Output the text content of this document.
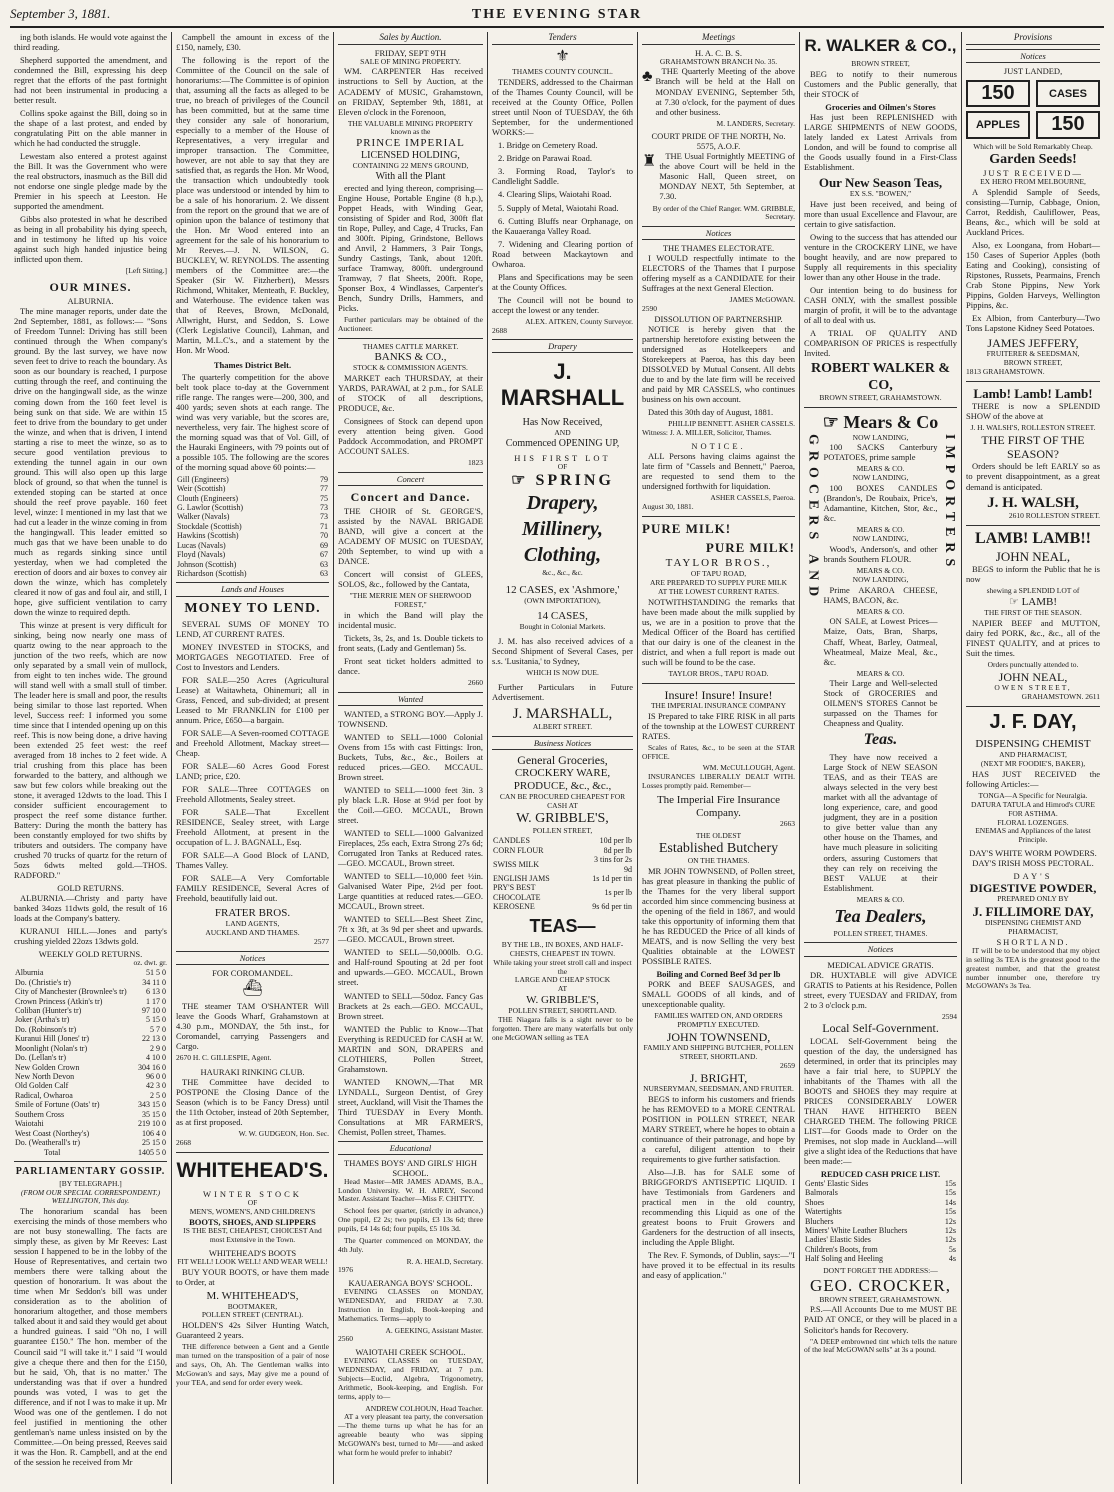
September 3, 1881.	THE EVENING STAR

ing both islands. He would vote against the third reading.

Shepherd supported the amendment, and condemned the Bill, expressing his deep regret that the efforts of the past fortnight had not been instrumental in producing a better result.

Collins spoke against the Bill, doing so in the shape of a last protest, and ended by congratulating Pitt on the able manner in which he had conducted the struggle.

Lewestam also entered a protest against the Bill. It was the Government who were the real obstructors, inasmuch as the Bill did not endorse one single pledge made by the Premier in his speech at Leeston. He supported the amendment.

Gibbs also protested in what he described as being in all probability his dying speech, and in testimony he lifted up his voice against such high handed injustice being inflicted upon them.

[Left Sitting.]
OUR MINES.
ALBURNIA.

The mine manager reports, under date the 2nd September, 1881, as follows:— "Sons of Freedom Tunnel: Driving has still been continued through the When company's ground. By the last survey, we have now seven feet to drive to reach the boundary. As soon as our boundary is reached, I purpose cutting through the reef, and continuing the drive on the hangingwall side, as the winze coming down from the 160 feet level is being sunk on that side. We are within 15 feet to drive from the boundary to get under the winze, and when that is driven, I intend starting a rise to meet the winze, so as to secure good ventilation previous to extending the tunnel again in our own ground. This will also open up this large block of ground, so that when the tunnel is extended stoping can be started at once should the reef prove payable. 160 feet level, winze: I mentioned in my last that we had cut a leader in the winze coming in from the hangingwall. This leader emitted so much gas that we have been unable to do much as regards sinking since until yesterday, when we had completed the erection of doors and air boxes to convey air down the winze, which has completely cleared it now of gas and foul air, and still, I hope, give sufficient ventilation to carry down the winze to required depth.

This winze at present is very difficult for sinking, being now nearly one mass of quartz owing to the near approach to the junction of the two reefs, which are now only separated by a small vein of mullock, from eight to ten inches wide. The ground will stand well with a small stull of timber. The leader here is small and poor, the results being similar to those last reported. When level, Success reef: I informed you some time since that I intended opening up on this reef. This is now being done, a drive having been extended 25 feet west: the reef averaged from 18 inches to 2 feet wide. A trial crushing from this place has been forwarded to the battery, and although we saw but few colors while breaking out the stone, it averaged 12dwts to the load. This I consider sufficient encouragement to prospect the reef some distance further. Battery: During the month the battery has been constantly employed for two shifts by tributers and outsiders. The company have crushed 70 trucks of quartz for the return of 5ozs 6dwts melted gold.—THOS. RADFORD."

GOLD RETURNS.

ALBURNIA.—Christy and party have banked 34ozs 11dwts gold, the result of 16 loads at the Company's battery.

KURANUI HILL.—Jones and party's crushing yielded 22ozs 13dwts gold.

WEEKLY GOLD RETURNS.
oz. dwt. gr.
Alburnia	51 5 0
Do. (Christie's tr)	34 11 0
City of Manchester (Brownlee's tr)	6 13 0
Crown Princess (Atkin's tr)	1 17 0
Coliban (Hunter's tr)	97 10 0
Joker (Artha's tr)	5 15 0
Do. (Robinson's tr)	5 7 0
Kuranui Hill (Jones' tr)	22 13 0
Moonlight (Nolan's tr)	2 9 0
Do. (Lellan's tr)	4 10 0
New Golden Crown	304 16 0
New North Devon	96 0 0
Old Golden Calf	42 3 0
Radical, Owharoa	2 5 0
Smile of Fortune (Oats' tr)	343 15 0
Southern Cross	35 15 0
Waiotahi	219 10 0
West Coast (Northey's)	106 4 0
Do. (Weatherall's tr)	25 15 0
Total	1405 5 0
PARLIAMENTARY GOSSIP.
[BY TELEGRAPH.]
(FROM OUR SPECIAL CORRESPONDENT.) WELLINGTON, This day.

The honorarium scandal has been exercising the minds of those members who are not busy stonewalling. The facts are simply these, as given by Mr Reeves: Last session I happened to be in the lobby of the House of Representatives, and certain two members there were talking about the question of honorarium. It was about the time when Mr Seddon's bill was under consideration as to the abolition of honorarium altogether, and those members talked about it and said they would get about a hundred guineas. I said "Oh no, I will guarantee £150." The hon. member of the Council said "I will take it." I said "I would give a cheque there and then for the £150, but he said, 'Oh, that is no matter.' The understanding was that if over a hundred pounds was voted, I was to get the difference, and if not I was to make it up. Mr Wood was one of the gentlemen. I do not feel justified in mentioning the other gentleman's name unless insisted on by the Committee.—On being pressed, Reeves said it was the Hon. R. Campbell, and at the end of the session he received from Mr

Campbell the amount in excess of the £150, namely, £30.

The following is the report of the Committee of the Council on the sale of honorariums:—The Committee is of opinion that, assuming all the facts as alleged to be true, no breach of privileges of the Council has been committed, but at the same time they consider any sale of honorarium, especially to a member of the House of Representatives, a very irregular and improper transaction. The Committee, however, are not able to say that they are satisfied that, as regards the Hon. Mr Wood, the transaction which undoubtedly took place was understood or intended by him to be a sale of his honorarium. 2. We dissent from the report on the ground that we are of opinion upon the balance of testimony that the Hon. Mr Wood entered into an agreement for the sale of his honorarium to Mr Reeves.—J. N. WILSON, G. BUCKLEY, W. REYNOLDS. The assenting members of the Committee are:—the Speaker (Sir W. Fitzherbert), Messrs Richmond, Whitaker, Menteath, F. Buckley, and Waterhouse. The evidence taken was that of Reeves, Brown, McDonald, Allwright, Hurst, and Seddon, S. Lowe (Clerk Legislative Council), Lahman, and Martin, M.L.C's., and a statement by the Hon. Mr Wood.

Thames District Belt.

The quarterly competition for the above belt took place to-day at the Government rifle range. The ranges were—200, 300, and 400 yards; seven shots at each range. The wind was very variable, but the scores are, nevertheless, very fair. The highest score of the morning squad was that of Vol. Gill, of the Hauraki Engineers, with 79 points out of a possible 105. The following are the scores of the morning squad above 60 points:—

Gill (Engineers)	79
Weir (Scottish)	77
Clouth (Engineers)	75
G. Lawlor (Scottish)	73
Walker (Navals)	73
Stockdale (Scottish)	71
Hawkins (Scottish)	70
Lucas (Navals)	69
Floyd (Navals)	67
Johnson (Scottish)	63
Richardson (Scottish)	63
Lands and Houses
MONEY TO LEND.

SEVERAL SUMS OF MONEY TO LEND, AT CURRENT RATES.

MONEY INVESTED in STOCKS, and MORTGAGES NEGOTIATED. Free of Cost to Investors and Lenders.

FOR SALE—250 Acres (Agricultural Lease) at Waitawheta, Ohinemuri; all in Grass, Fenced, and sub-divided; at present Leased to Mr FRANKLIN for £100 per annum. Price, £650—a bargain.

FOR SALE—A Seven-roomed COTTAGE and Freehold Allotment, Mackay street—Cheap.

FOR SALE—60 Acres Good Forest LAND; price, £20.

FOR SALE—Three COTTAGES on Freehold Allotments, Sealey street.

FOR SALE—That Excellent RESIDENCE, Sealey street, with Large Freehold Allotment, at present in the occupation of L. J. BAGNALL, Esq.

FOR SALE—A Good Block of LAND, Thames Valley.

FOR SALE—A Very Comfortable FAMILY RESIDENCE, Several Acres of Freehold, beautifully laid out.

FRATER BROS.
LAND AGENTS,
AUCKLAND AND THAMES.
2577
Notices
FOR COROMANDEL.
⛴

THE steamer TAM O'SHANTER Will leave the Goods Wharf, Grahamstown at 4.30 p.m., MONDAY, the 5th inst., for Coromandel, carrying Passengers and Cargo.

2670 H. C. GILLESPIE, Agent.
HAURAKI RINKING CLUB.

THE Committee have decided to POSTPONE the Closing Dance of the Season (which is to be Fancy Dress) until the 11th October, instead of 20th September, as at first proposed.

W. W. GUDGEON, Hon. Sec.
2668
WHITEHEAD'S.
WINTER STOCK
OF
MEN'S, WOMEN'S, AND CHILDREN'S
BOOTS, SHOES, AND SLIPPERS
IS THE BEST, CHEAPEST, CHOICEST And most Extensive in the Town.
WHITEHEAD'S BOOTS
FIT WELL! LOOK WELL! AND WEAR WELL!

BUY YOUR BOOTS, or have them made to Order, at

M. WHITEHEAD'S,
BOOTMAKER,
POLLEN STREET (CENTRAL).

HOLDEN'S 42s Silver Hunting Watch, Guaranteed 2 years.

THE difference between a Gent and a Gentle man turned on the transposition of a pair of nose and says, Oh, Ah. The Gentleman walks into McGowan's and says, May give me a pound of your TEA, and send for order every week.

Sales by Auction.
FRIDAY, SEPT 9TH
SALE OF MINING PROPERTY.

WM. CARPENTER Has received instructions to Sell by Auction, at the ACADEMY of MUSIC, Grahamstown, on FRIDAY, September 9th, 1881, at Eleven o'clock in the Forenoon,

THE VALUABLE MINING PROPERTY known as the
PRINCE IMPERIAL
LICENSED HOLDING,
CONTAINING 22 MEN'S GROUND,
With all the Plant

erected and lying thereon, comprising—Engine House, Portable Engine (8 h.p.), Poppet Heads, with Winding Gear, consisting of Spider and Rod, 300ft flat tin Rope, Pulley, and Cage, 4 Trucks, Fan and 300ft. Piping, Grindstone, Bellows and Anvil, 2 Hammers, 3 Pair Tongs, Sundry Castings, Tank, about 120ft. surface Tramway, 800ft. underground Tramway, 7 flat Sheets, 200ft. Rope, Sponser Box, 4 Windlasses, Carpenter's Bench, Sundry Drills, Hammers, and Picks.

Further particulars may be obtained of the Auctioneer.

THAMES CATTLE MARKET.
BANKS & CO.,
STOCK & COMMISSION AGENTS.

MARKET each THURSDAY, at their YARDS, PARAWAI, at 2 p.m., for SALE of STOCK of all descriptions, PRODUCE, &c.

Consignees of Stock can depend upon every attention being given. Good Paddock Accommodation, and PROMPT ACCOUNT SALES.

1823
Concert
Concert and Dance.

THE CHOIR of St. GEORGE'S, assisted by the NAVAL BRIGADE BAND, will give a concert at the ACADEMY OF MUSIC on TUESDAY, 20th September, to wind up with a DANCE.

Concert will consist of GLEES, SOLOS, &c., followed by the Cantata,

"THE MERRIE MEN OF SHERWOOD FOREST,"

in which the Band will play the incidental music.

Tickets, 3s, 2s, and 1s. Double tickets to front seats, (Lady and Gentleman) 5s.

Front seat ticket holders admitted to dance.

2660
Wanted

WANTED, a STRONG BOY.—Apply J. TOWNSEND.

WANTED to SELL—1000 Colonial Ovens from 15s with cast Fittings: Iron, Buckets, Tubs, &c., &c., Boilers at reduced prices.—GEO. MCCAUL. Brown street.

WANTED to SELL—1000 feet 3in. 3 ply black L.R. Hose at 9½d per foot by the Coil.—GEO. MCCAUL, Brown street.

WANTED to SELL—1000 Galvanized Fireplaces, 25s each, Extra Strong 27s 6d; Corrugated Iron Tanks at Reduced rates.—GEO. MCCAUL, Brown street.

WANTED to SELL—10,000 feet ½in. Galvanised Water Pipe, 2½d per foot. Large quantities at reduced rates.—GEO. MCCAUL, Brown street.

WANTED to SELL—Best Sheet Zinc, 7ft x 3ft, at 3s 9d per sheet and upwards.—GEO. MCCAUL, Brown street.

WANTED to SELL—50,000lb. O.G. and Half-round Spouting at 2d per foot and upwards.—GEO. MCCAUL, Brown street.

WANTED to SELL—50doz. Fancy Gas Brackets at 2s each.—GEO. MCCAUL, Brown street.

WANTED the Public to Know—That Everything is REDUCED for CASH at W. MARTIN and SON, DRAPERS and CLOTHIERS, Pollen Street, Grahamstown.

WANTED KNOWN,—That MR LYNDALL, Surgeon Dentist, of Grey street, Auckland, will Visit the Thames the Third TUESDAY in Every Month. Consultations at MR FARMER'S, Chemist, Pollen street, Thames.

Educational
THAMES BOYS' AND GIRLS' HIGH SCHOOL.

Head Master—MR JAMES ADAMS, B.A., London University. W. H. AIREY, Second Master. Assistant Teacher—Miss F. CHITTY.

School fees per quarter, (strictly in advance,) One pupil, £2 2s; two pupils, £3 13s 6d; three pupils, £4 14s 6d; four pupils, £5 10s 3d.

The Quarter commenced on MONDAY, the 4th July.

R. A. HEALD, Secretary.
1976
KAUAERANGA BOYS' SCHOOL.

EVENING CLASSES on MONDAY, WEDNESDAY, and FRIDAY at 7.30. Instruction in English, Book-keeping and Mathematics. Terms—apply to

A. GEEKING, Assistant Master.
2560
WAIOTAHI CREEK SCHOOL.

EVENING CLASSES on TUESDAY, WEDNESDAY, and FRIDAY, at 7 p.m. Subjects—Euclid, Algebra, Trigonometry, Arithmetic, Book-keeping, and English. For terms, apply to—

ANDREW COLHOUN, Head Teacher.

AT a very pleasant tea party, the conversation—The theme turns up what he has for an agreeable beauty who was sipping McGOWAN's best, turned to Mr——and asked what form he would prefer to inhabit?

Tenders
⚜
THAMES COUNTY COUNCIL.

TENDERS, addressed to the Chairman of the Thames County Council, will be received at the County Office, Pollen street until Noon of TUESDAY, the 6th September, for the undermentioned WORKS:—

1. Bridge on Cemetery Road.

2. Bridge on Parawai Road.

3. Forming Road, Taylor's to Candlelight Saddle.

4. Clearing Slips, Waiotahi Road.

5. Supply of Metal, Waiotahi Road.

6. Cutting Bluffs near Orphanage, on the Kauaeranga Valley Road.

7. Widening and Clearing portion of Road between Mackaytown and Owharoa.

Plans and Specifications may be seen at the County Offices.

The Council will not be bound to accept the lowest or any tender.

ALEX. AITKEN, County Surveyor.
2688
Drapery
J. MARSHALL
Has Now Received,
AND
Commenced OPENING UP,
HIS FIRST LOT
OF
☞ SPRING
Drapery,
Millinery,
Clothing,
&c., &c., &c.
12 CASES, ex 'Ashmore,'
(OWN IMPORTATION),
14 CASES,
Bought in Colonial Markets.

J. M. has also received advices of a Second Shipment of Several Cases, per s.s. 'Lusitania,' to Sydney,

WHICH IS NOW DUE.

Further Particulars in Future Advertisement.

J. MARSHALL,
ALBERT STREET.
Business Notices
General Groceries,
CROCKERY WARE,
PRODUCE, &c., &c.,
CAN BE PROCURED CHEAPEST FOR CASH AT
W. GRIBBLE'S,
POLLEN STREET,
CANDLES	10d per lb
CORN FLOUR	8d per lb
SWISS MILK	3 tins for 2s 9d
ENGLISH JAMS	1s 1d per tin
PRY'S BEST CHOCOLATE	1s per lb
KEROSENE	9s 6d per tin
TEAS—
BY THE LB., IN BOXES, AND HALF-CHESTS, CHEAPEST IN TOWN.
While taking your street stroll call and inspect the
LARGE AND CHEAP STOCK
AT
W. GRIBBLE'S,
POLLEN STREET, SHORTLAND.

THE Niagara falls is a sight never to be forgotten. There are many waterfalls but only one McGOWAN selling as TEA

Meetings
H. A. C. B. S.
GRAHAMSTOWN BRANCH No. 35.
♣	THE Quarterly Meeting of the above Branch will be held at the Hall on MONDAY EVENING, September 5th, at 7.30 o'clock, for the payment of dues and other business.

M. LANDERS, Secretary.
COURT PRIDE OF THE NORTH, No. 5575, A.O.F.
♜	THE Usual Fortnightly MEETING of the above Court will be held in the Masonic Hall, Queen street, on MONDAY NEXT, 5th September, at 7.30.

By order of the Chief Ranger. WM. GRIBBLE, Secretary.
Notices
THE THAMES ELECTORATE.

I WOULD respectfully intimate to the ELECTORS of the Thames that I purpose offering myself as a CANDIDATE for their Suffrages at the next General Election.

JAMES McGOWAN.
2590
DISSOLUTION OF PARTNERSHIP.

NOTICE is hereby given that the partnership heretofore existing between the undersigned as Hotelkeepers and Storekeepers at Paeroa, has this day been DISSOLVED by Mutual Consent. All debts due to and by the late firm will be received and paid by MR CASSELS, who continues business on his own account.

Dated this 30th day of August, 1881.

PHILLIP BENNETT. ASHER CASSELS.
Witness: J. A. MILLER, Solicitor, Thames.
NOTICE.

ALL Persons having claims against the late firm of "Cassels and Bennett," Paeroa, are requested to send them to the undersigned forthwith for liquidation.

ASHER CASSELS, Paeroa.
August 30, 1881.
PURE MILK!
PURE MILK!
TAYLOR BROS.,
OF TAPU ROAD,
ARE PREPARED TO SUPPLY PURE MILK
AT THE LOWEST CURRENT RATES.

NOTWITHSTANDING the remarks that have been made about the milk supplied by us, we are in a position to prove that the Medical Officer of the Board has certified that our dairy is one of the cleanest in the district, and when a full report is made out such will be found to be the case.

TAYLOR BROS., TAPU ROAD.
Insure! Insure! Insure!
THE IMPERIAL INSURANCE COMPANY

IS Prepared to take FIRE RISK in all parts of the township at the LOWEST CURRENT RATES.

Scales of Rates, &c., to be seen at the STAR OFFICE.

WM. McCULLOUGH, Agent.

INSURANCES LIBERALLY DEALT WITH. Losses promptly paid. Remember—

The Imperial Fire Insurance Company.
2663
THE OLDEST
Established Butchery
ON THE THAMES.

MR JOHN TOWNSEND, of Pollen street, has great pleasure in thanking the public of the Thames for the very liberal support accorded him since commencing business at the opening of the field in 1867, and would take this opportunity of informing them that he has REDUCED the Price of all kinds of MEATS, and is now Selling the very best Qualities obtainable at the LOWEST POSSIBLE RATES.

Boiling and Corned Beef 3d per lb

PORK and BEEF SAUSAGES, and SMALL GOODS of all kinds, and of unexceptionable quality.

FAMILIES WAITED ON, AND ORDERS PROMPTLY EXECUTED.
JOHN TOWNSEND,
FAMILY AND SHIPPING BUTCHER, POLLEN STREET, SHORTLAND.
2659
J. BRIGHT,
NURSERYMAN, SEEDSMAN, AND FRUITER.

BEGS to inform his customers and friends he has REMOVED to a MORE CENTRAL POSITION in POLLEN STREET, NEAR MARY STREET, where he hopes to obtain a continuance of their patronage, and hope by a careful, diligent attention to their requirements to give further satisfaction.

Also—J.B. has for SALE some of BRIGGFORD'S ANTISEPTIC LIQUID. I have Testimonials from Gardeners and practical men in the old country, recommending this Liquid as one of the greatest boons to Fruit Growers and Gardeners for the destruction of all insects, including the Apple Blight.

The Rev. F. Symonds, of Dublin, says:—"I have proved it to be effectual in its results and easy of application."

R. WALKER & CO.,
BROWN STREET,

BEG to notify to their numerous Customers and the Public generally, that their STOCK of

Groceries and Oilmen's Stores

Has just been REPLENISHED with LARGE SHIPMENTS of NEW GOODS, lately landed ex Latest Arrivals from London, and will be found to comprise all the Goods usually found in a First-Class Establishment.

Our New Season Teas,
EX S.S. "BOWEN,"

Have just been received, and being of more than usual Excellence and Flavour, are certain to give satisfaction.

Owing to the success that has attended our venture in the CROCKERY LINE, we have bought heavily, and are now prepared to Supply all requirements in this speciality lower than any other House in the trade.

Our intention being to do business for CASH ONLY, with the smallest possible margin of profit, it will be to the advantage of all to deal with us.

A TRIAL OF QUALITY AND COMPARISON OF PRICES is respectfully Invited.

ROBERT WALKER & CO,
BROWN STREET, GRAHAMSTOWN.
☞ Mears & Co
GROCERS AND	NOW LANDING,

100 SACKS Canterbury POTATOES, prime sample

MEARS & CO.
NOW LANDING,

100 BOXES CANDLES (Brandon's, De Roubaix, Price's, Adamantine, Kitchen, Stor, &c., &c.

MEARS & CO.
NOW LANDING,

Wood's, Anderson's, and other brands Southern FLOUR.

MEARS & CO.
NOW LANDING,

Prime AKAROA CHEESE, HAMS, BACON, &c.

MEARS & CO.

ON SALE, at Lowest Prices—Maize, Oats, Bran, Sharps, Chaff, Wheat, Barley, Oatmeal, Wheatmeal, Maize Meal, &c., &c.

MEARS & CO.

Their Large and Well-selected Stock of GROCERIES and OILMEN'S STORES Cannot be surpassed on the Thames for Cheapness and Quality.

Teas.

They have now received a Large Stock of NEW SEASON TEAS, and as their TEAS are always selected in the very best market with all the advantage of long experience, care, and good judgment, they are in a position to give better value than any other house on the Thames, and have much pleasure in soliciting orders, assuring Customers that they can rely on receiving the BEST VALUE at their Establishment.

MEARS & CO.
IMPORTERS
Tea Dealers,
POLLEN STREET, THAMES.
Notices
MEDICAL ADVICE GRATIS.

DR. HUXTABLE will give ADVICE GRATIS to Patients at his Residence, Pollen street, every TUESDAY and FRIDAY, from 2 to 3 o'clock p.m.

2594
Local Self-Government.

LOCAL Self-Government being the question of the day, the undersigned has determined, in order that its principles may have a fair trial here, to SUPPLY the inhabitants of the Thames with all the BOOTS and SHOES they may require at PRICES CONSIDERABLY LOWER THAN HAVE HITHERTO BEEN CHARGED THEM. The following PRICE LIST—for Goods made to Order on the Premises, not slop made in Auckland—will give a slight idea of the Reductions that have been made:—

REDUCED CASH PRICE LIST.
Gents' Elastic Sides	15s
Balmorals	15s
Shoes	14s
Watertights	15s
Bluchers	12s
Miners' White Leather Bluchers	12s
Ladies' Elastic Sides	12s
Children's Boots, from	5s
Half Soling and Heeling	4s
DON'T FORGET THE ADDRESS:—
GEO. CROCKER,
BROWN STREET, GRAHAMSTOWN.

P.S.—All Accounts Due to me MUST BE PAID AT ONCE, or they will be placed in a Solicitor's hands for Recovery.

"A DEEP embrowned tint which tells the nature of the leaf McGOWAN sells" at 3s a pound.

Provisions
Notices
JUST LANDED,
150	CASES
APPLES	150
Which will be Sold Remarkably Cheap.
Garden Seeds!
JUST RECEIVED—
EX HERO FROM MELBOURNE,

A Splendid Sample of Seeds, consisting—Turnip, Cabbage, Onion, Carrot, Reddish, Cauliflower, Peas, Beans, &c., which will be sold at Auckland Prices.

Also, ex Loongana, from Hobart—150 Cases of Superior Apples (both Eating and Cooking), consisting of Ripstones, Russets, Pearmains, French Crab Stone Pippins, New York Pippins, Golden Harveys, Wellington Pippins, &c.

Ex Albion, from Canterbury—Two Tons Lapstone Kidney Seed Potatoes.

JAMES JEFFERY,
FRUITERER & SEEDSMAN,
BROWN STREET,
1813 GRAHAMSTOWN.
Lamb! Lamb! Lamb!

THERE is now a SPLENDID SHOW of the above at

J. H. WALSH'S, ROLLESTON STREET.
THE FIRST OF THE
SEASON?

Orders should be left EARLY so as to prevent disappointment, as a great demand is anticipated.

J. H. WALSH,
2610 ROLLESTON STREET.
LAMB! LAMB!!
JOHN NEAL,

BEGS to inform the Public that he is now

shewing a SPLENDID LOT of
☞ LAMB!
THE FIRST OF THE SEASON.

NAPIER BEEF and MUTTON, dairy fed PORK, &c., &c., all of the FINEST QUALITY, and at prices to Suit the times.

Orders punctually attended to.
JOHN NEAL,
OWEN STREET,
GRAHAMSTOWN. 2611
J. F. DAY,
DISPENSING CHEMIST
AND PHARMACIST,
(NEXT MR FOODIE'S, BAKER),

HAS JUST RECEIVED the following Articles:—

TONGA—A Specific for Neuralgia.
DATURA TATULA and Himrod's CURE FOR ASTHMA.
FLORAL LOZENGES.
ENEMAS and Appliances of the latest Principle.
DAY'S WHITE WORM POWDERS.
DAY'S IRISH MOSS PECTORAL.
DAY'S
DIGESTIVE POWDER,
PREPARED ONLY BY
J. FILLIMORE DAY,
DISPENSING CHEMIST AND PHARMACIST,
SHORTLAND.

IT will be to be understood that my object in selling 3s TEA is the greatest good to the greatest number, and that the greatest number innumber one, therefore try McGOWAN's 3s Tea.
